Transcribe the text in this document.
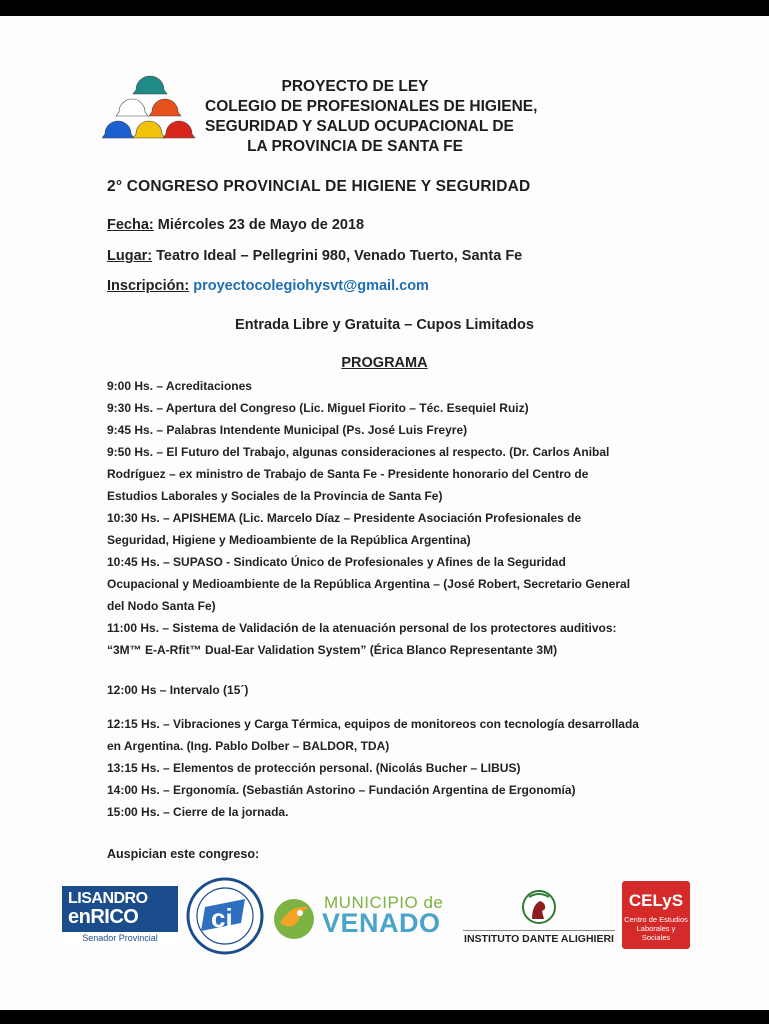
PROYECTO DE LEY
COLEGIO DE PROFESIONALES DE HIGIENE,
SEGURIDAD Y SALUD OCUPACIONAL DE
LA PROVINCIA DE SANTA FE
2° CONGRESO PROVINCIAL DE HIGIENE Y SEGURIDAD
Fecha: Miércoles 23 de Mayo de 2018
Lugar: Teatro Ideal – Pellegrini 980, Venado Tuerto, Santa Fe
Inscripción: proyectocolegiohysvt@gmail.com
Entrada Libre y Gratuita – Cupos Limitados
PROGRAMA
9:00 Hs. – Acreditaciones
9:30 Hs. – Apertura del Congreso (Lic. Miguel Fiorito – Téc. Esequiel Ruiz)
9:45 Hs. – Palabras Intendente Municipal (Ps. José Luis Freyre)
9:50 Hs. – El Futuro del Trabajo, algunas consideraciones al respecto. (Dr. Carlos Anibal
Rodríguez – ex ministro de Trabajo de Santa Fe - Presidente honorario del Centro de
Estudios Laborales y Sociales de la Provincia de Santa Fe)
10:30 Hs. – APISHEMA (Lic. Marcelo Díaz – Presidente Asociación Profesionales de
Seguridad, Higiene y Medioambiente de la República Argentina)
10:45 Hs. – SUPASO - Sindicato Único de Profesionales y Afines de la Seguridad
Ocupacional y Medioambiente de la República Argentina – (José Robert, Secretario General
del Nodo Santa Fe)
11:00 Hs. – Sistema de Validación de la atenuación personal de los protectores auditivos:
“3M™ E-A-Rfit™ Dual-Ear Validation System” (Érica Blanco Representante 3M)
12:00 Hs – Intervalo (15´)
12:15 Hs. – Vibraciones y Carga Térmica, equipos de monitoreos con tecnología desarrollada
en Argentina. (Ing. Pablo Dolber – BALDOR, TDA)
13:15 Hs. – Elementos de protección personal. (Nicolás Bucher – LIBUS)
14:00 Hs. – Ergonomía. (Sebastián Astorino – Fundación Argentina de Ergonomía)
15:00 Hs. – Cierre de la jornada.
Auspician este congreso:
LISANDRO
enRICO
Senador Provincial
ci
MUNICIPIO de
VENADO
INSTITUTO DANTE ALIGHIERI
CELyS
Centro de Estudios Laborales y Sociales
